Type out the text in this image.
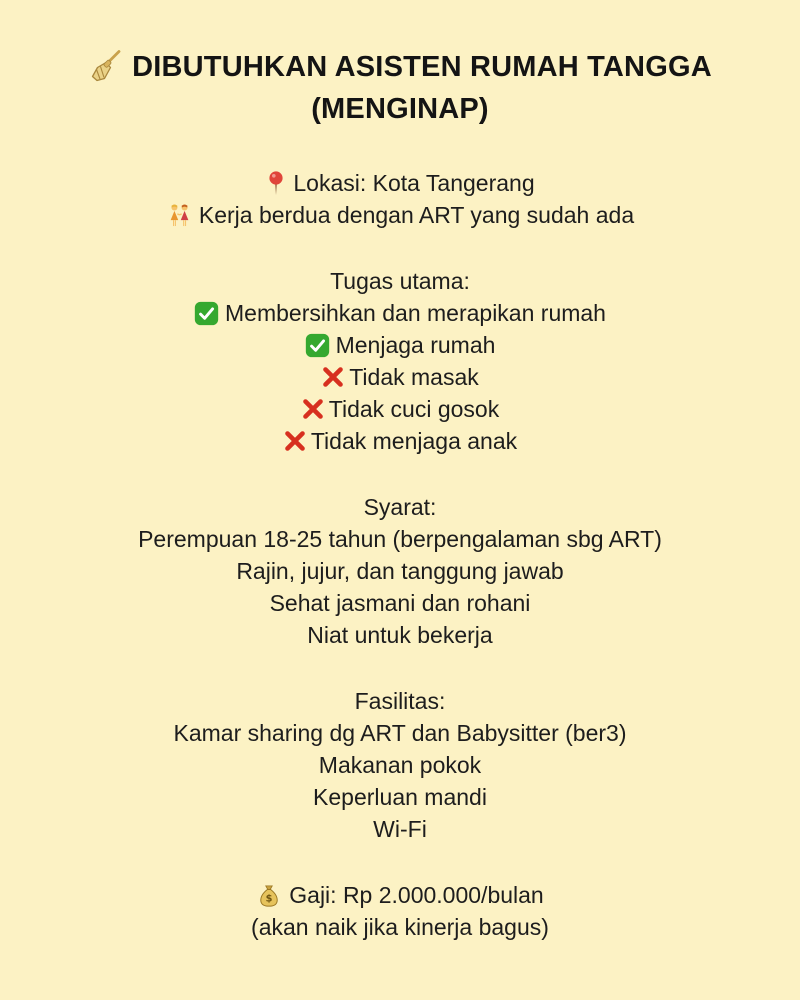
DIBUTUHKAN ASISTEN RUMAH TANGGA
(MENGINAP)
Lokasi: Kota Tangerang
Kerja berdua dengan ART yang sudah ada
Tugas utama:
Membersihkan dan merapikan rumah
Menjaga rumah
Tidak masak
Tidak cuci gosok
Tidak menjaga anak
Syarat:
Perempuan 18-25 tahun (berpengalaman sbg ART)
Rajin, jujur, dan tanggung jawab
Sehat jasmani dan rohani
Niat untuk bekerja
Fasilitas:
Kamar sharing dg ART dan Babysitter (ber3)
Makanan pokok
Keperluan mandi
Wi-Fi
$ Gaji: Rp 2.000.000/bulan
(akan naik jika kinerja bagus)
